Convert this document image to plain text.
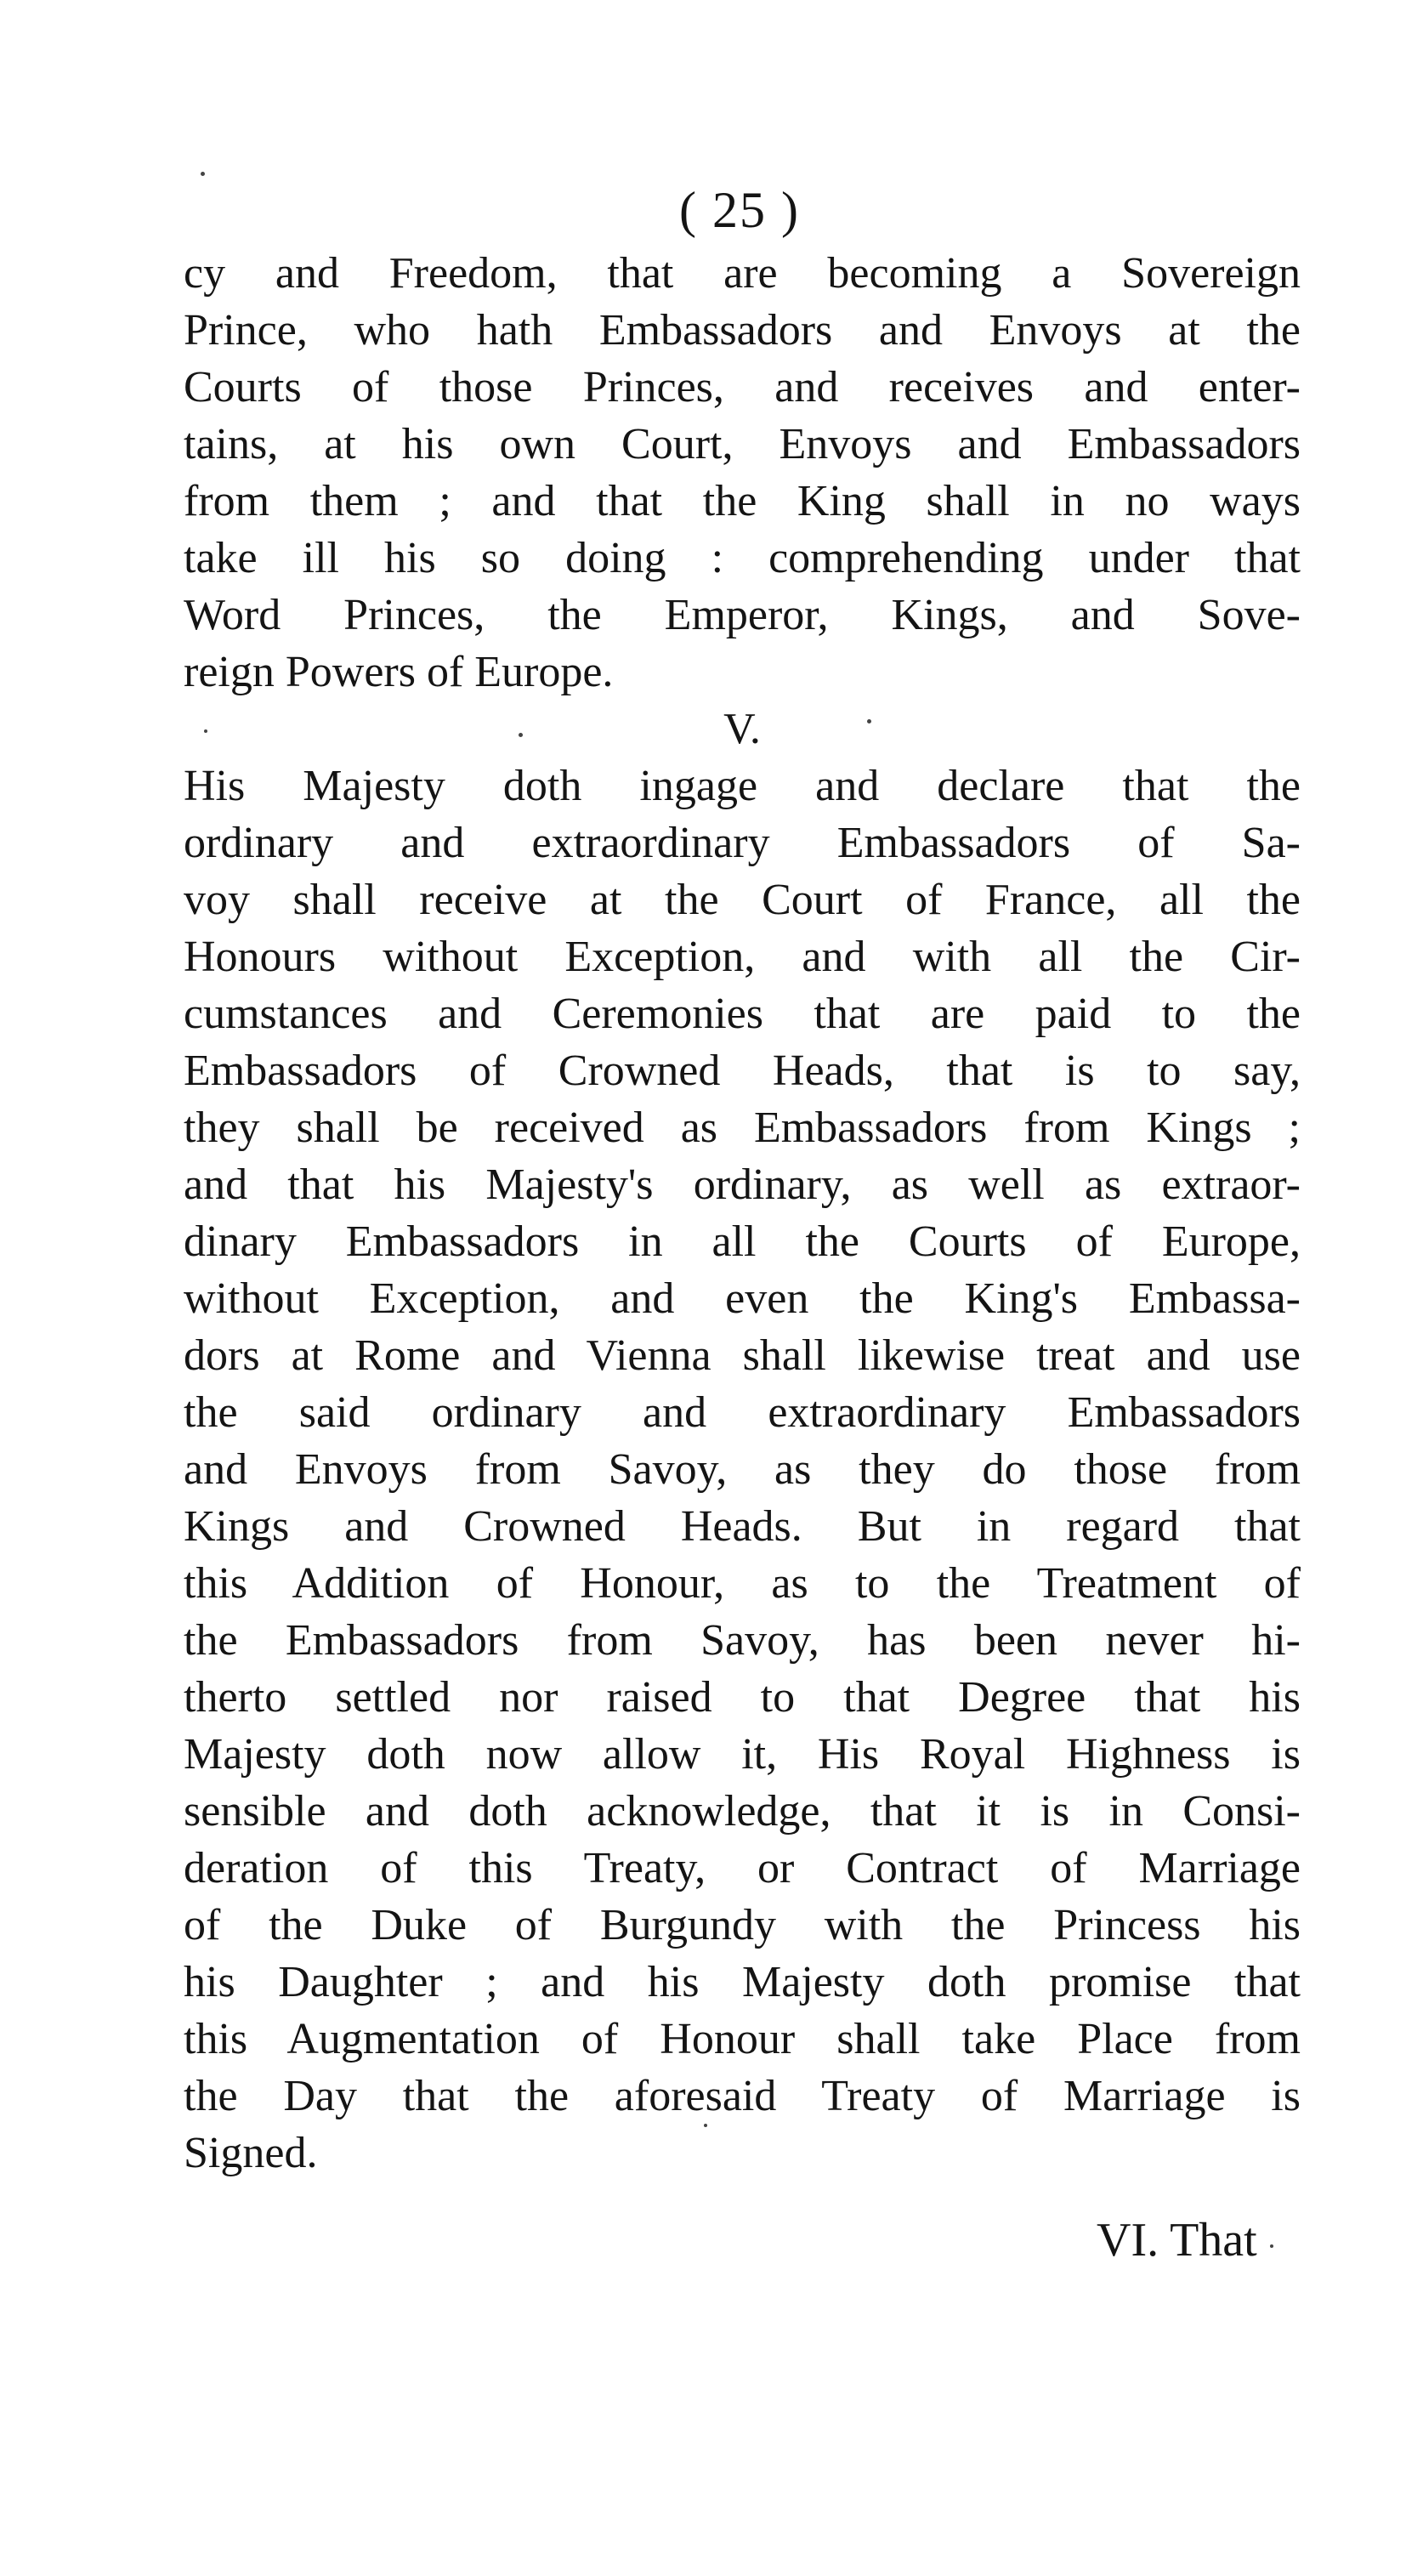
( 25 )
cy and Freedom, that are becoming a Sovereign
Prince, who hath Embassadors and Envoys at the
Courts of those Princes, and receives and enter-
tains, at his own Court, Envoys and Embassadors
from them ; and that the King shall in no ways
take ill his so doing : comprehending under that
Word Princes, the Emperor, Kings, and Sove-
reign Powers of Europe.
V.
His Majesty doth ingage and declare that the
ordinary and extraordinary Embassadors of Sa-
voy shall receive at the Court of France, all the
Honours without Exception, and with all the Cir-
cumstances and Ceremonies that are paid to the
Embassadors of Crowned Heads, that is to say,
they shall be received as Embassadors from Kings ;
and that his Majesty's ordinary, as well as extraor-
dinary Embassadors in all the Courts of Europe,
without Exception, and even the King's Embassa-
dors at Rome and Vienna shall likewise treat and use
the said ordinary and extraordinary Embassadors
and Envoys from Savoy, as they do those from
Kings and Crowned Heads. But in regard that
this Addition of Honour, as to the Treatment of
the Embassadors from Savoy, has been never hi-
therto settled nor raised to that Degree that his
Majesty doth now allow it, His Royal Highness is
sensible and doth acknowledge, that it is in Consi-
deration of this Treaty, or Contract of Marriage
of the Duke of Burgundy with the Princess his
his Daughter ; and his Majesty doth promise that
this Augmentation of Honour shall take Place from
the Day that the aforesaid Treaty of Marriage is
Signed.
VI. That
